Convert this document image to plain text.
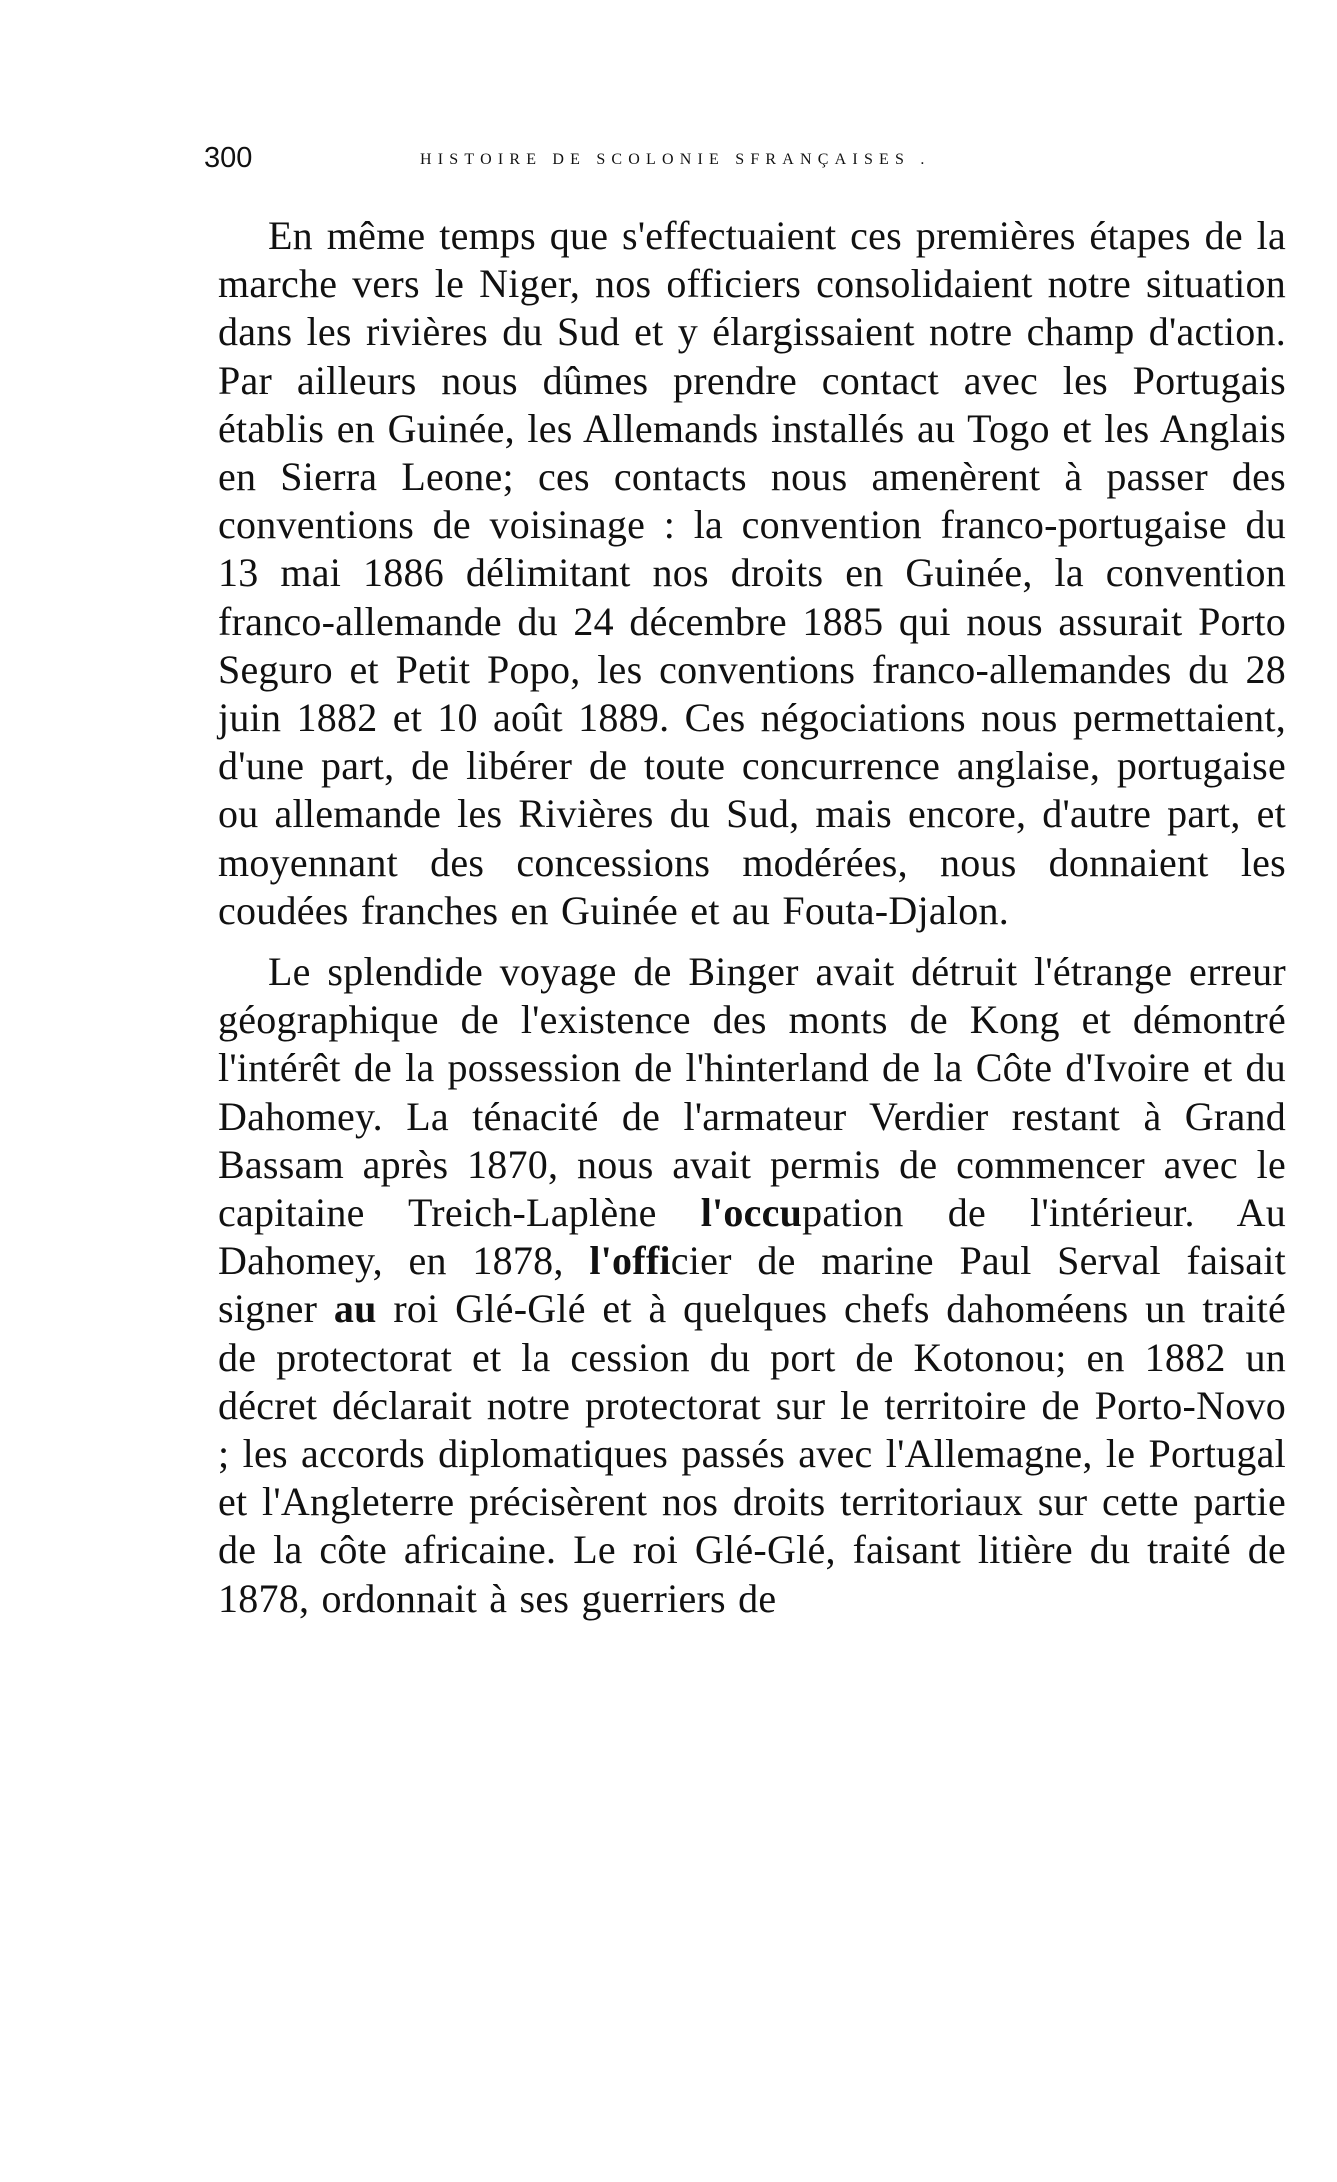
300	HISTOIRE DE SCOLONIE SFRANÇAISES .

En même temps que s'effectuaient ces premières étapes de la marche vers le Niger, nos officiers consolidaient notre situation dans les rivières du Sud et y élargissaient notre champ d'action. Par ailleurs nous dûmes prendre contact avec les Portugais établis en Guinée, les Allemands installés au Togo et les Anglais en Sierra Leone; ces contacts nous amenèrent à passer des conventions de voisinage : la convention franco-portugaise du 13 mai 1886 délimitant nos droits en Guinée, la convention franco-allemande du 24 décembre 1885 qui nous assurait Porto Seguro et Petit Popo, les conventions franco-allemandes du 28 juin 1882 et 10 août 1889. Ces négociations nous permettaient, d'une part, de libérer de toute concurrence anglaise, portugaise ou allemande les Rivières du Sud, mais encore, d'autre part, et moyennant des concessions modérées, nous donnaient les coudées franches en Guinée et au Fouta-Djalon.

Le splendide voyage de Binger avait détruit l'étrange erreur géographique de l'existence des monts de Kong et démontré l'intérêt de la possession de l'hinterland de la Côte d'Ivoire et du Dahomey. La ténacité de l'armateur Verdier restant à Grand Bassam après 1870, nous avait permis de commencer avec le capitaine Treich-Laplène l'occupation de l'intérieur. Au Dahomey, en 1878, l'officier de marine Paul Serval faisait signer au roi Glé-Glé et à quelques chefs dahoméens un traité de protectorat et la cession du port de Kotonou; en 1882 un décret déclarait notre protectorat sur le territoire de Porto-Novo ; les accords diplomatiques passés avec l'Allemagne, le Portugal et l'Angleterre précisèrent nos droits territoriaux sur cette partie de la côte africaine. Le roi Glé-Glé, faisant litière du traité de 1878, ordonnait à ses guerriers de
